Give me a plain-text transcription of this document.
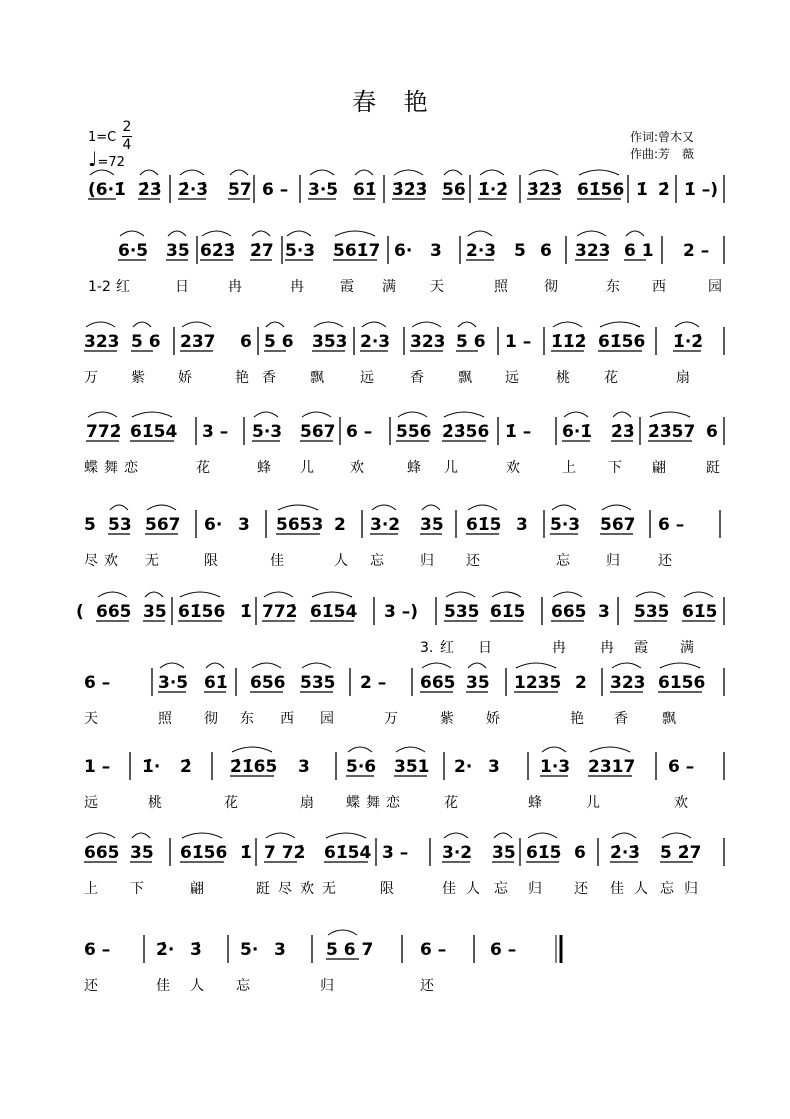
春 艳
1=C
2
4
♩=72
作词:曾木又
作曲:芳　薇
(6·1̇ 2̇3̇ 2̇·3̇ 57 6 – 3·5 61̇ 3̇2̇3̇ 56 1̇·2̇ 3̇2̇3̇ 61̇56 1̇ 2̇ 1̇ –)
6·5 35 62̇3̇ 2̇7 5·3 561̇7 6· 3 2·3 5 6 323 6 1 2 –
1-2 红	日	冉	冉	霞 满 天	照	彻	东 西	园
323 5 6 237 6 5 6 353 2·3 323 5 6 1 – 1̇1̇2̇ 61̇56 1̇·2̇
万 紫 娇	艳 香 飘	远	香 飘 远	桃 花	扇
772̇ 61̇54 3 – 5·3 567 6 – 556 2̇3̇56 1̇ – 6·1̇ 2̇3̇ 2̇3̇57 6
蝶 舞 恋	花	蜂 儿	欢	蜂 儿	欢	上 下 翩	跹
5 53 567 6· 3 5653 2 3·2 35 61̇5 3 5·3 567 6 –
尽 欢 无	限	佳	人 忘	归 还	忘	归	还
( 665 35 61̇56 1̇ 772̇ 61̇54 3 –) 535 61̇5 665 3 535 61̇5
3. 红 日	冉 冉 霞 满
6 –	3·5 61̇ 656 535 2 – 665 35 1235 2 323 6156
天	照 彻 东 西 园	万	紫 娇	艳 香 飘
1 – 1̇· 2̇ 2̇1̇65 3 5·6 351 2· 3 1·3 2317 6 –
远	桃	花	扇 蝶 舞 恋	花	蜂	儿	欢
665 35 61̇56 1̇ 7 72̇ 61̇54 3 – 3·2 35 61̇5 6 2̇·3̇ 5 2̇7
上 下	翩	跹 尽 欢 无	限	佳 人 忘 归 还 佳 人 忘 归
6 –	2̇· 3̇ 5· 3 5 6 7	6 –	6 –
还	佳 人 忘	归	还
